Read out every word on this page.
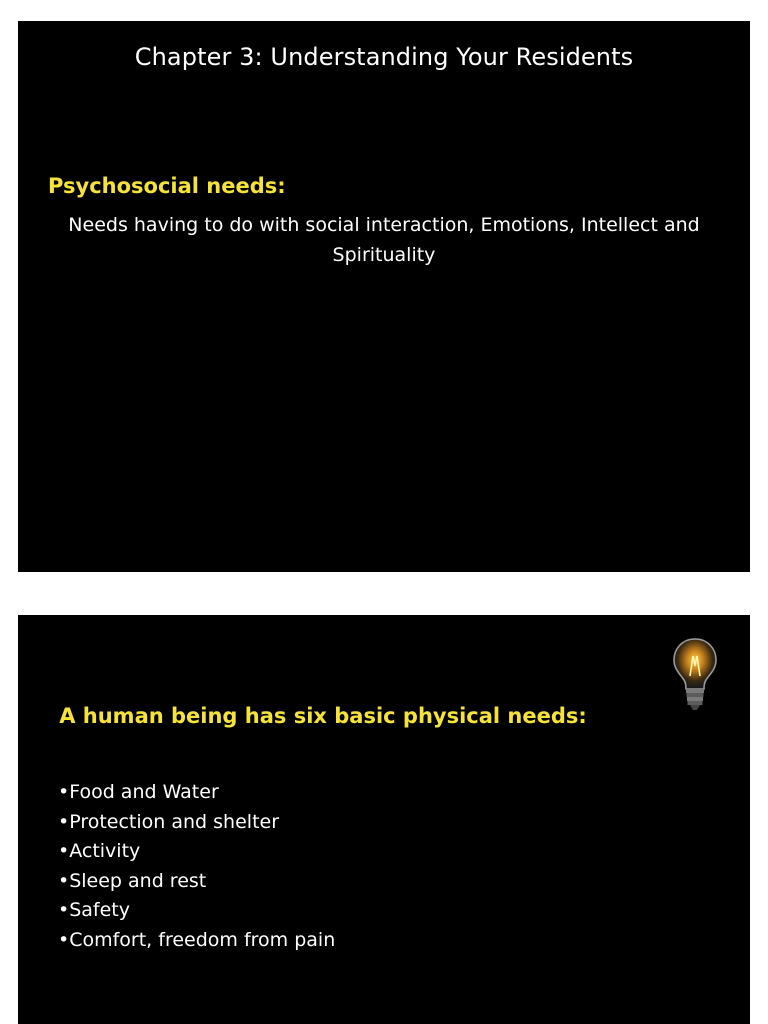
Chapter 3: Understanding Your Residents
Psychosocial needs:
Needs having to do with social interaction, Emotions, Intellect and Spirituality
A human being has six basic physical needs:
•Food and Water
•Protection and shelter
•Activity
•Sleep and rest
•Safety
•Comfort, freedom from pain
